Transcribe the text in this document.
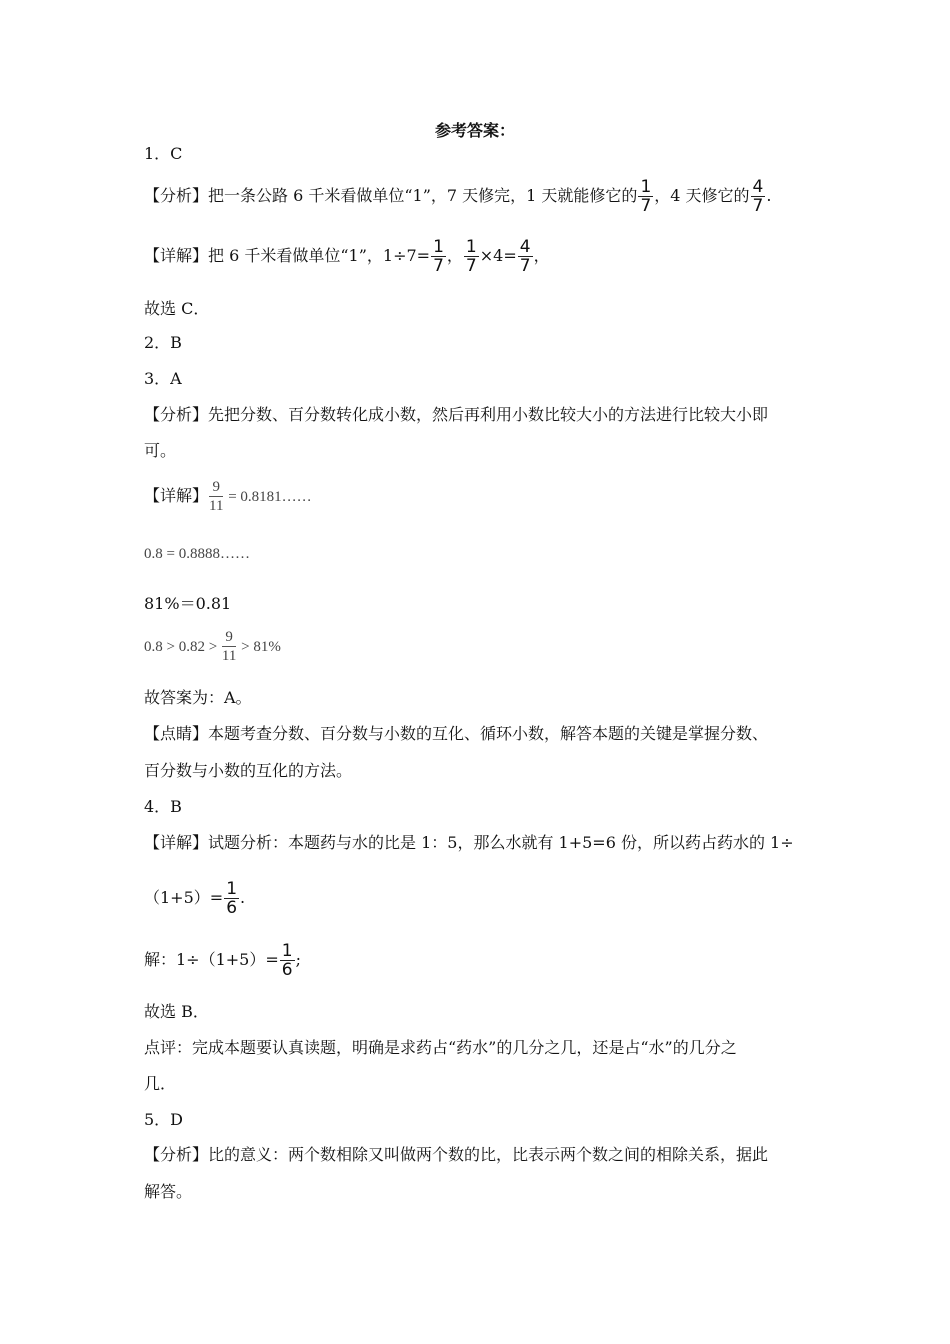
参考答案：
1．C
【分析】把一条公路 6 千米看做单位“1”，7 天修完，1 天就能修它的 $\frac{1}{7}$ ，4 天修它的 $\frac{4}{7}$ .
【详解】把 6 千米看做单位“1”，$1\div 7= \frac{1}{7}$ ， $\frac{1}{7} \times 4= \frac{4}{7}$ ，
故选 C．
2．B
3．A
【分析】先把分数、百分数转化成小数，然后再利用小数比较大小的方法进行比较大小即
可。
【详解】 $\frac{9}{11}$ = 0.8181……
0.8 = 0.8888……
81%＝0.81
$0.8 > 0.82 > \frac{9}{11} > 81\%$
故答案为：A。
【点睛】本题考查分数、百分数与小数的互化、循环小数，解答本题的关键是掌握分数、
百分数与小数的互化的方法。
4．B
【详解】试题分析：本题药与水的比是 1：5，那么水就有 1+5=6 份，所以药占药水的 1÷
$(1+5)= \frac{1}{6}$ .
解：$1\div(1+5)= \frac{1}{6}$ ;
故选 B．
点评：完成本题要认真读题，明确是求药占“药水”的几分之几，还是占“水”的几分之
几．
5．D
【分析】比的意义：两个数相除又叫做两个数的比，比表示两个数之间的相除关系，据此
解答。
